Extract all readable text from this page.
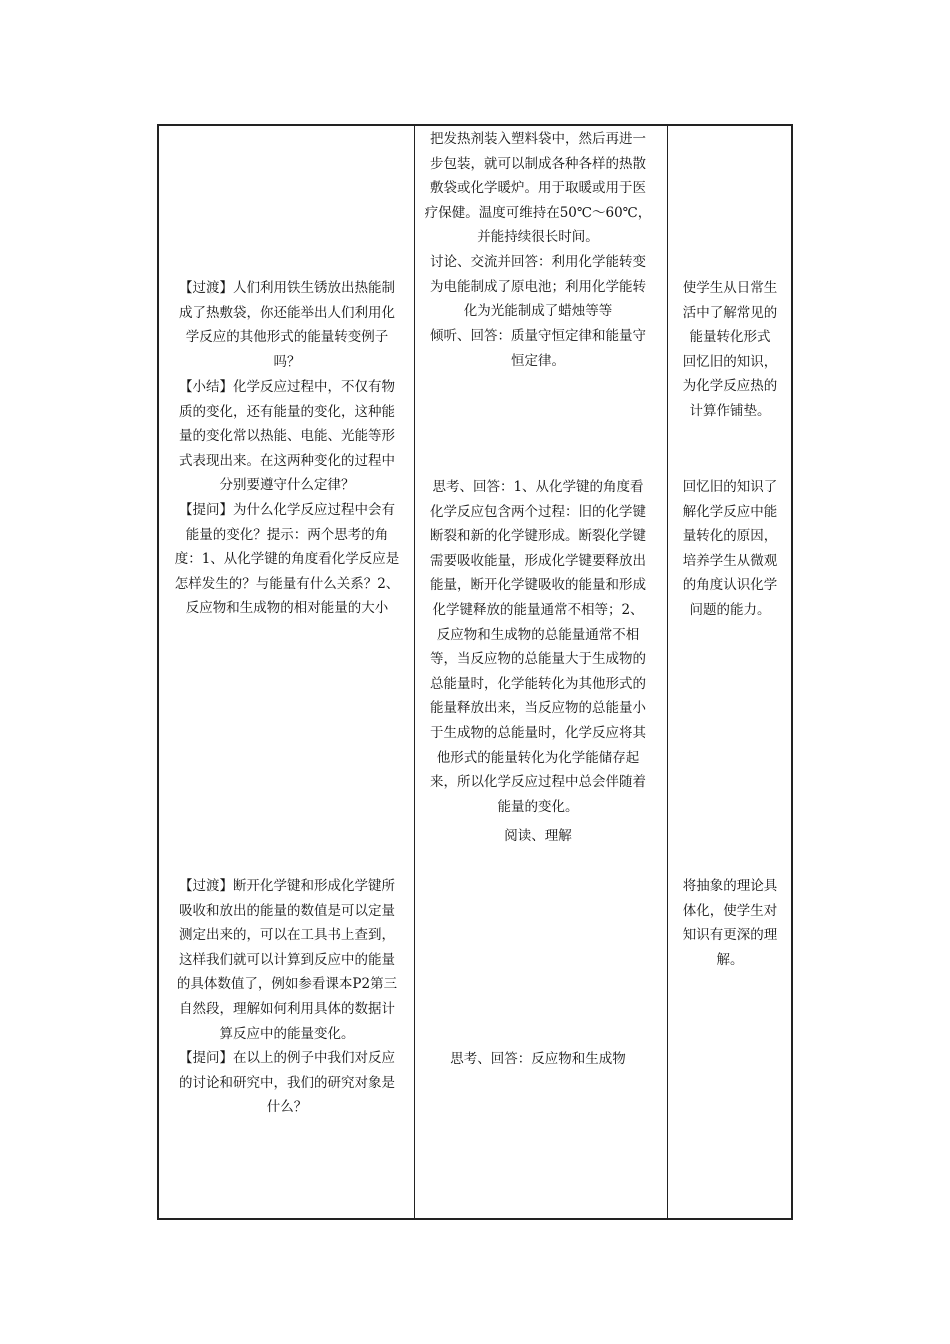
【过渡】人们利用铁生锈放出热能制
成了热敷袋，你还能举出人们利用化
学反应的其他形式的能量转变例子
吗？
【小结】化学反应过程中，不仅有物
质的变化，还有能量的变化，这种能
量的变化常以热能、电能、光能等形
式表现出来。在这两种变化的过程中
分别要遵守什么定律？
【提问】为什么化学反应过程中会有
能量的变化？提示：两个思考的角
度：1、从化学键的角度看化学反应是
怎样发生的？与能量有什么关系？2、
反应物和生成物的相对能量的大小
【过渡】断开化学键和形成化学键所
吸收和放出的能量的数值是可以定量
测定出来的，可以在工具书上查到，
这样我们就可以计算到反应中的能量
的具体数值了，例如参看课本P2第三
自然段，理解如何利用具体的数据计
算反应中的能量变化。
【提问】在以上的例子中我们对反应
的讨论和研究中，我们的研究对象是
什么？
把发热剂装入塑料袋中，然后再进一
步包装，就可以制成各种各样的热散
敷袋或化学暖炉。用于取暖或用于医
疗保健。温度可维持在50℃～60℃，
并能持续很长时间。
讨论、交流并回答：利用化学能转变
为电能制成了原电池；利用化学能转
化为光能制成了蜡烛等等
倾听、回答：质量守恒定律和能量守
恒定律。
思考、回答：1、从化学键的角度看
化学反应包含两个过程：旧的化学键
断裂和新的化学键形成。断裂化学键
需要吸收能量，形成化学键要释放出
能量，断开化学键吸收的能量和形成
化学键释放的能量通常不相等；2、
反应物和生成物的总能量通常不相
等，当反应物的总能量大于生成物的
总能量时，化学能转化为其他形式的
能量释放出来，当反应物的总能量小
于生成物的总能量时，化学反应将其
他形式的能量转化为化学能储存起
来，所以化学反应过程中总会伴随着
能量的变化。
阅读、理解
思考、回答：反应物和生成物
使学生从日常生
活中了解常见的
能量转化形式
回忆旧的知识，
为化学反应热的
计算作铺垫。
回忆旧的知识了
解化学反应中能
量转化的原因，
培养学生从微观
的角度认识化学
问题的能力。
将抽象的理论具
体化，使学生对
知识有更深的理
解。
